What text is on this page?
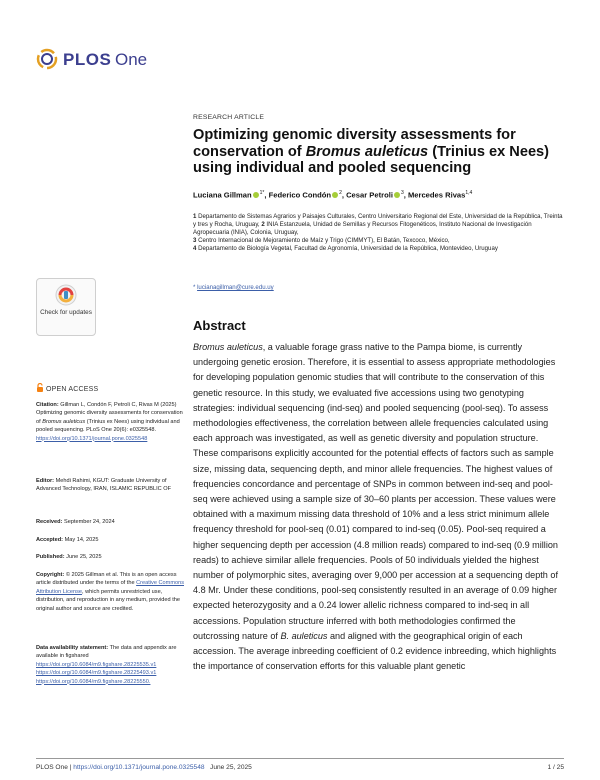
PLOS One
RESEARCH ARTICLE
Optimizing genomic diversity assessments for conservation of Bromus auleticus (Trinius ex Nees) using individual and pooled sequencing
Luciana Gillman $^{1*}$, Federico Condón $^2$, Cesar Petroli $^3$, Mercedes Rivas$^{1,4}$
1 Departamento de Sistemas Agrarios y Paisajes Culturales, Centro Universitario Regional del Este, Universidad de la República, Treinta y tres y Rocha, Uruguay, 2 INIA Estanzuela, Unidad de Semillas y Recursos Fitogenéticos, Instituto Nacional de Investigación Agropecuaria (INIA), Colonia, Uruguay,
3 Centro Internacional de Mejoramiento de Maíz y Trigo (CIMMYT), El Batán, Texcoco, México,
4 Departamento de Biología Vegetal, Facultad de Agronomía, Universidad de la República, Montevideo, Uruguay
* lucianagillman@cure.edu.uy
Abstract

Bromus auleticus, a valuable forage grass native to the Pampa biome, is currently undergoing genetic erosion. Therefore, it is essential to assess appropriate methodologies for developing population genomic studies that will contribute to the conservation of this genetic resource. In this study, we evaluated five accessions using two genotyping strategies: individual sequencing (ind-seq) and pooled sequencing (pool-seq). To assess methodologies effectiveness, the correlation between allele frequencies calculated using each approach was investigated, as well as genetic diversity and population structure. These comparisons explicitly accounted for the potential effects of factors such as sample size, missing data, sequencing depth, and minor allele frequencies. The highest values of frequencies concordance and percentage of SNPs in common between ind-seq and pool-seq were achieved using a sample size of 30–60 plants per accession. These values were obtained with a maximum missing data threshold of 10% and a less strict minimum allele frequency threshold for pool-seq (0.01) compared to ind-seq (0.05). Pool-seq required a higher sequencing depth per accession (4.8 million reads) compared to ind-seq (0.9 million reads) to achieve similar allele frequencies. Pools of 50 individuals yielded the highest number of polymorphic sites, averaging over 9,000 per accession at a sequencing depth of 4.8 Mr. Under these conditions, pool-seq consistently resulted in an average of 0.09 higher expected heterozygosity and a 0.24 lower allelic richness compared to ind-seq in all accessions. Population structure inferred with both methodologies confirmed the outcrossing nature of B. auleticus and aligned with the geographical origin of each accession. The average inbreeding coefficient of 0.2 evidence inbreeding, which highlights the importance of conservation efforts for this valuable plant genetic

Check for updates
OPEN ACCESS
Citation: Gillman L, Condón F, Petroli C, Rivas M (2025) Optimizing genomic diversity assessments for conservation of Bromus auleticus (Trinius ex Nees) using individual and pooled sequencing. PLoS One 20(6): e0325548. https://doi.org/10.1371/journal.pone.0325548
Editor: Mehdi Rahimi, KGUT: Graduate University of Advanced Technology, IRAN, ISLAMIC REPUBLIC OF
Received: September 24, 2024
Accepted: May 14, 2025
Published: June 25, 2025
Copyright: © 2025 Gillman et al. This is an open access article distributed under the terms of the Creative Commons Attribution License, which permits unrestricted use, distribution, and reproduction in any medium, provided the original author and source are credited.
Data availability statement: The data and appendix are available in figshared https://doi.org/10.6084/m9.figshare.28225535.v1 https://doi.org/10.6084/m9.figshare.28225493.v1 https://doi.org/10.6084/m9.figshare.28225550.
PLOS One | https://doi.org/10.1371/journal.pone.0325548 June 25, 2025	1 / 25
